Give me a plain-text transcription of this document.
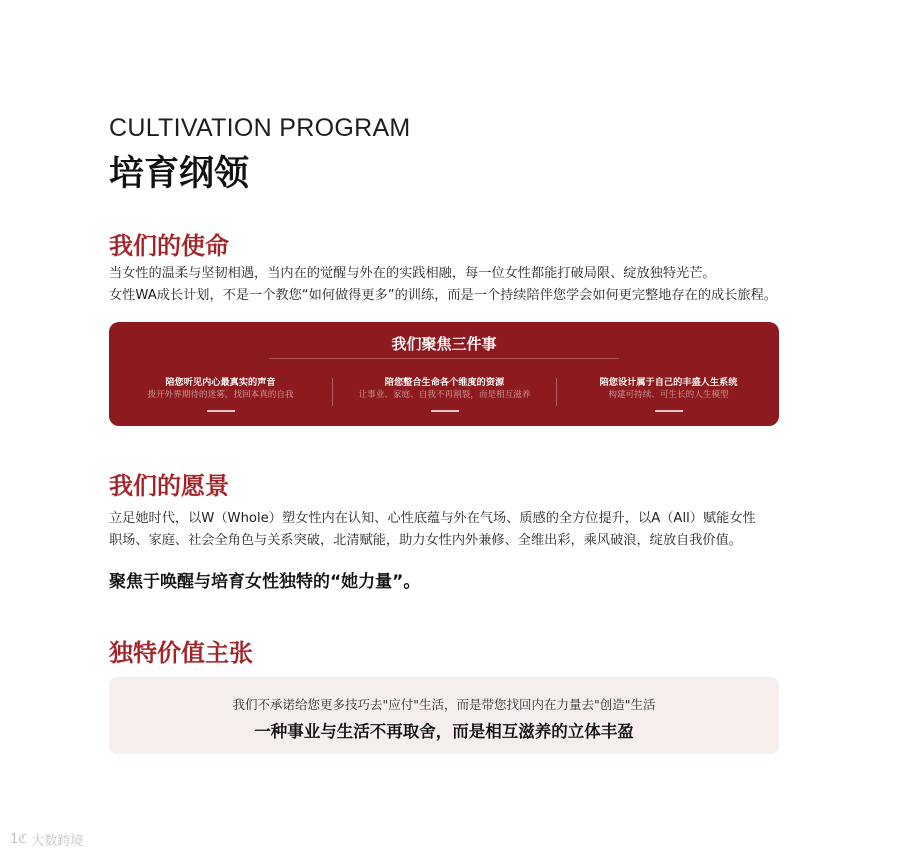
CULTIVATION PROGRAM
培育纲领
我们的使命
当女性的温柔与坚韧相遇，当内在的觉醒与外在的实践相融，每一位女性都能打破局限、绽放独特光芒。
女性WA成长计划，不是一个教您“如何做得更多”的训练，而是一个持续陪伴您学会如何更完整地存在的成长旅程。
我们聚焦三件事
陪您听见内心最真实的声音
拨开外界期待的迷雾，找回本真的自我
陪您整合生命各个维度的资源
让事业、家庭、自我不再割裂，而是相互滋养
陪您设计属于自己的丰盛人生系统
构建可持续、可生长的人生模型
我们的愿景
立足她时代，以W（Whole）塑女性内在认知、心性底蕴与外在气场、质感的全方位提升，以A（All）赋能女性
职场、家庭、社会全角色与关系突破，北清赋能，助力女性内外兼修、全维出彩，乘风破浪，绽放自我价值。
聚焦于唤醒与培育女性独特的“她力量”。
独特价值主张
我们不承诺给您更多技巧去"应付"生活，而是带您找回内在力量去"创造"生活
一种事业与生活不再取舍，而是相互滋养的立体丰盈
1ℭ 大数跨境
